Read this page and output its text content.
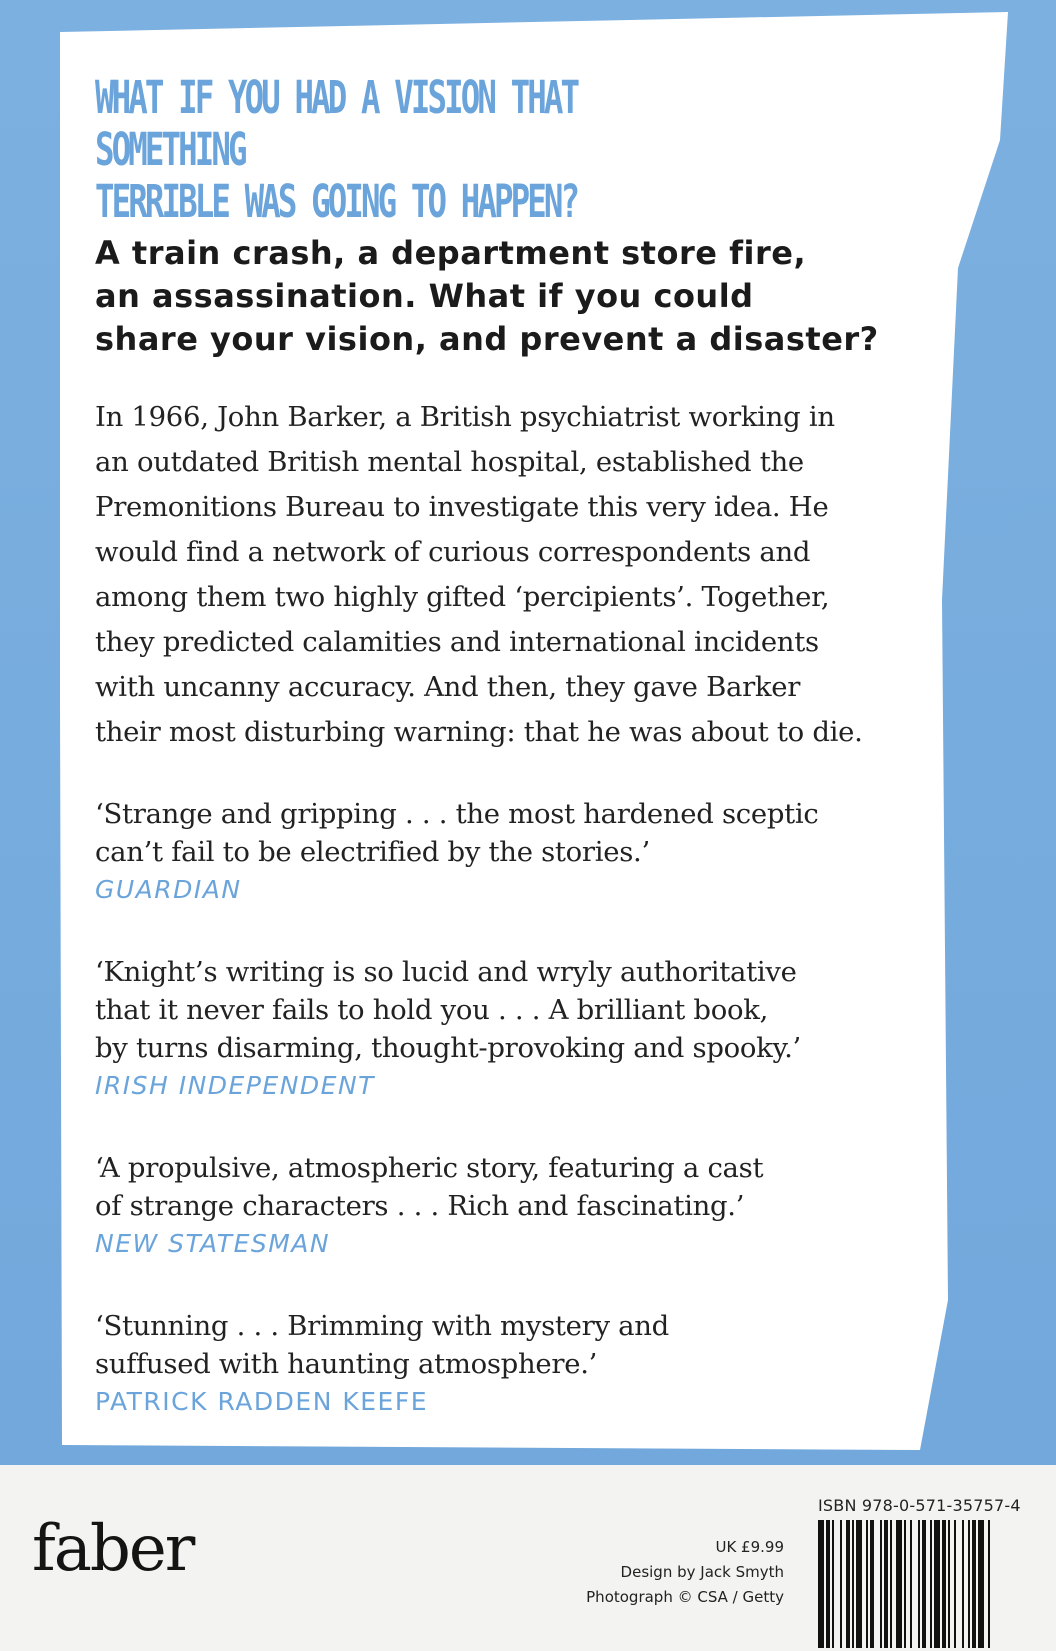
WHAT IF YOU HAD A VISION THAT SOMETHING
TERRIBLE WAS GOING TO HAPPEN?
A train crash, a department store fire,
an assassination. What if you could
share your vision, and prevent a disaster?
In 1966, John Barker, a British psychiatrist working in
an outdated British mental hospital, established the
Premonitions Bureau to investigate this very idea. He
would find a network of curious correspondents and
among them two highly gifted ‘percipients’. Together,
they predicted calamities and international incidents
with uncanny accuracy. And then, they gave Barker
their most disturbing warning: that he was about to die.
‘Strange and gripping . . . the most hardened sceptic
can’t fail to be electrified by the stories.’
GUARDIAN
‘Knight’s writing is so lucid and wryly authoritative
that it never fails to hold you . . . A brilliant book,
by turns disarming, thought-provoking and spooky.’
IRISH INDEPENDENT
‘A propulsive, atmospheric story, featuring a cast
of strange characters . . . Rich and fascinating.’
NEW STATESMAN
‘Stunning . . . Brimming with mystery and
suffused with haunting atmosphere.’
PATRICK RADDEN KEEFE
faber	UK £9.99
Design by Jack Smyth
Photograph © CSA / Getty
ISBN 978-0-571-35757-4
